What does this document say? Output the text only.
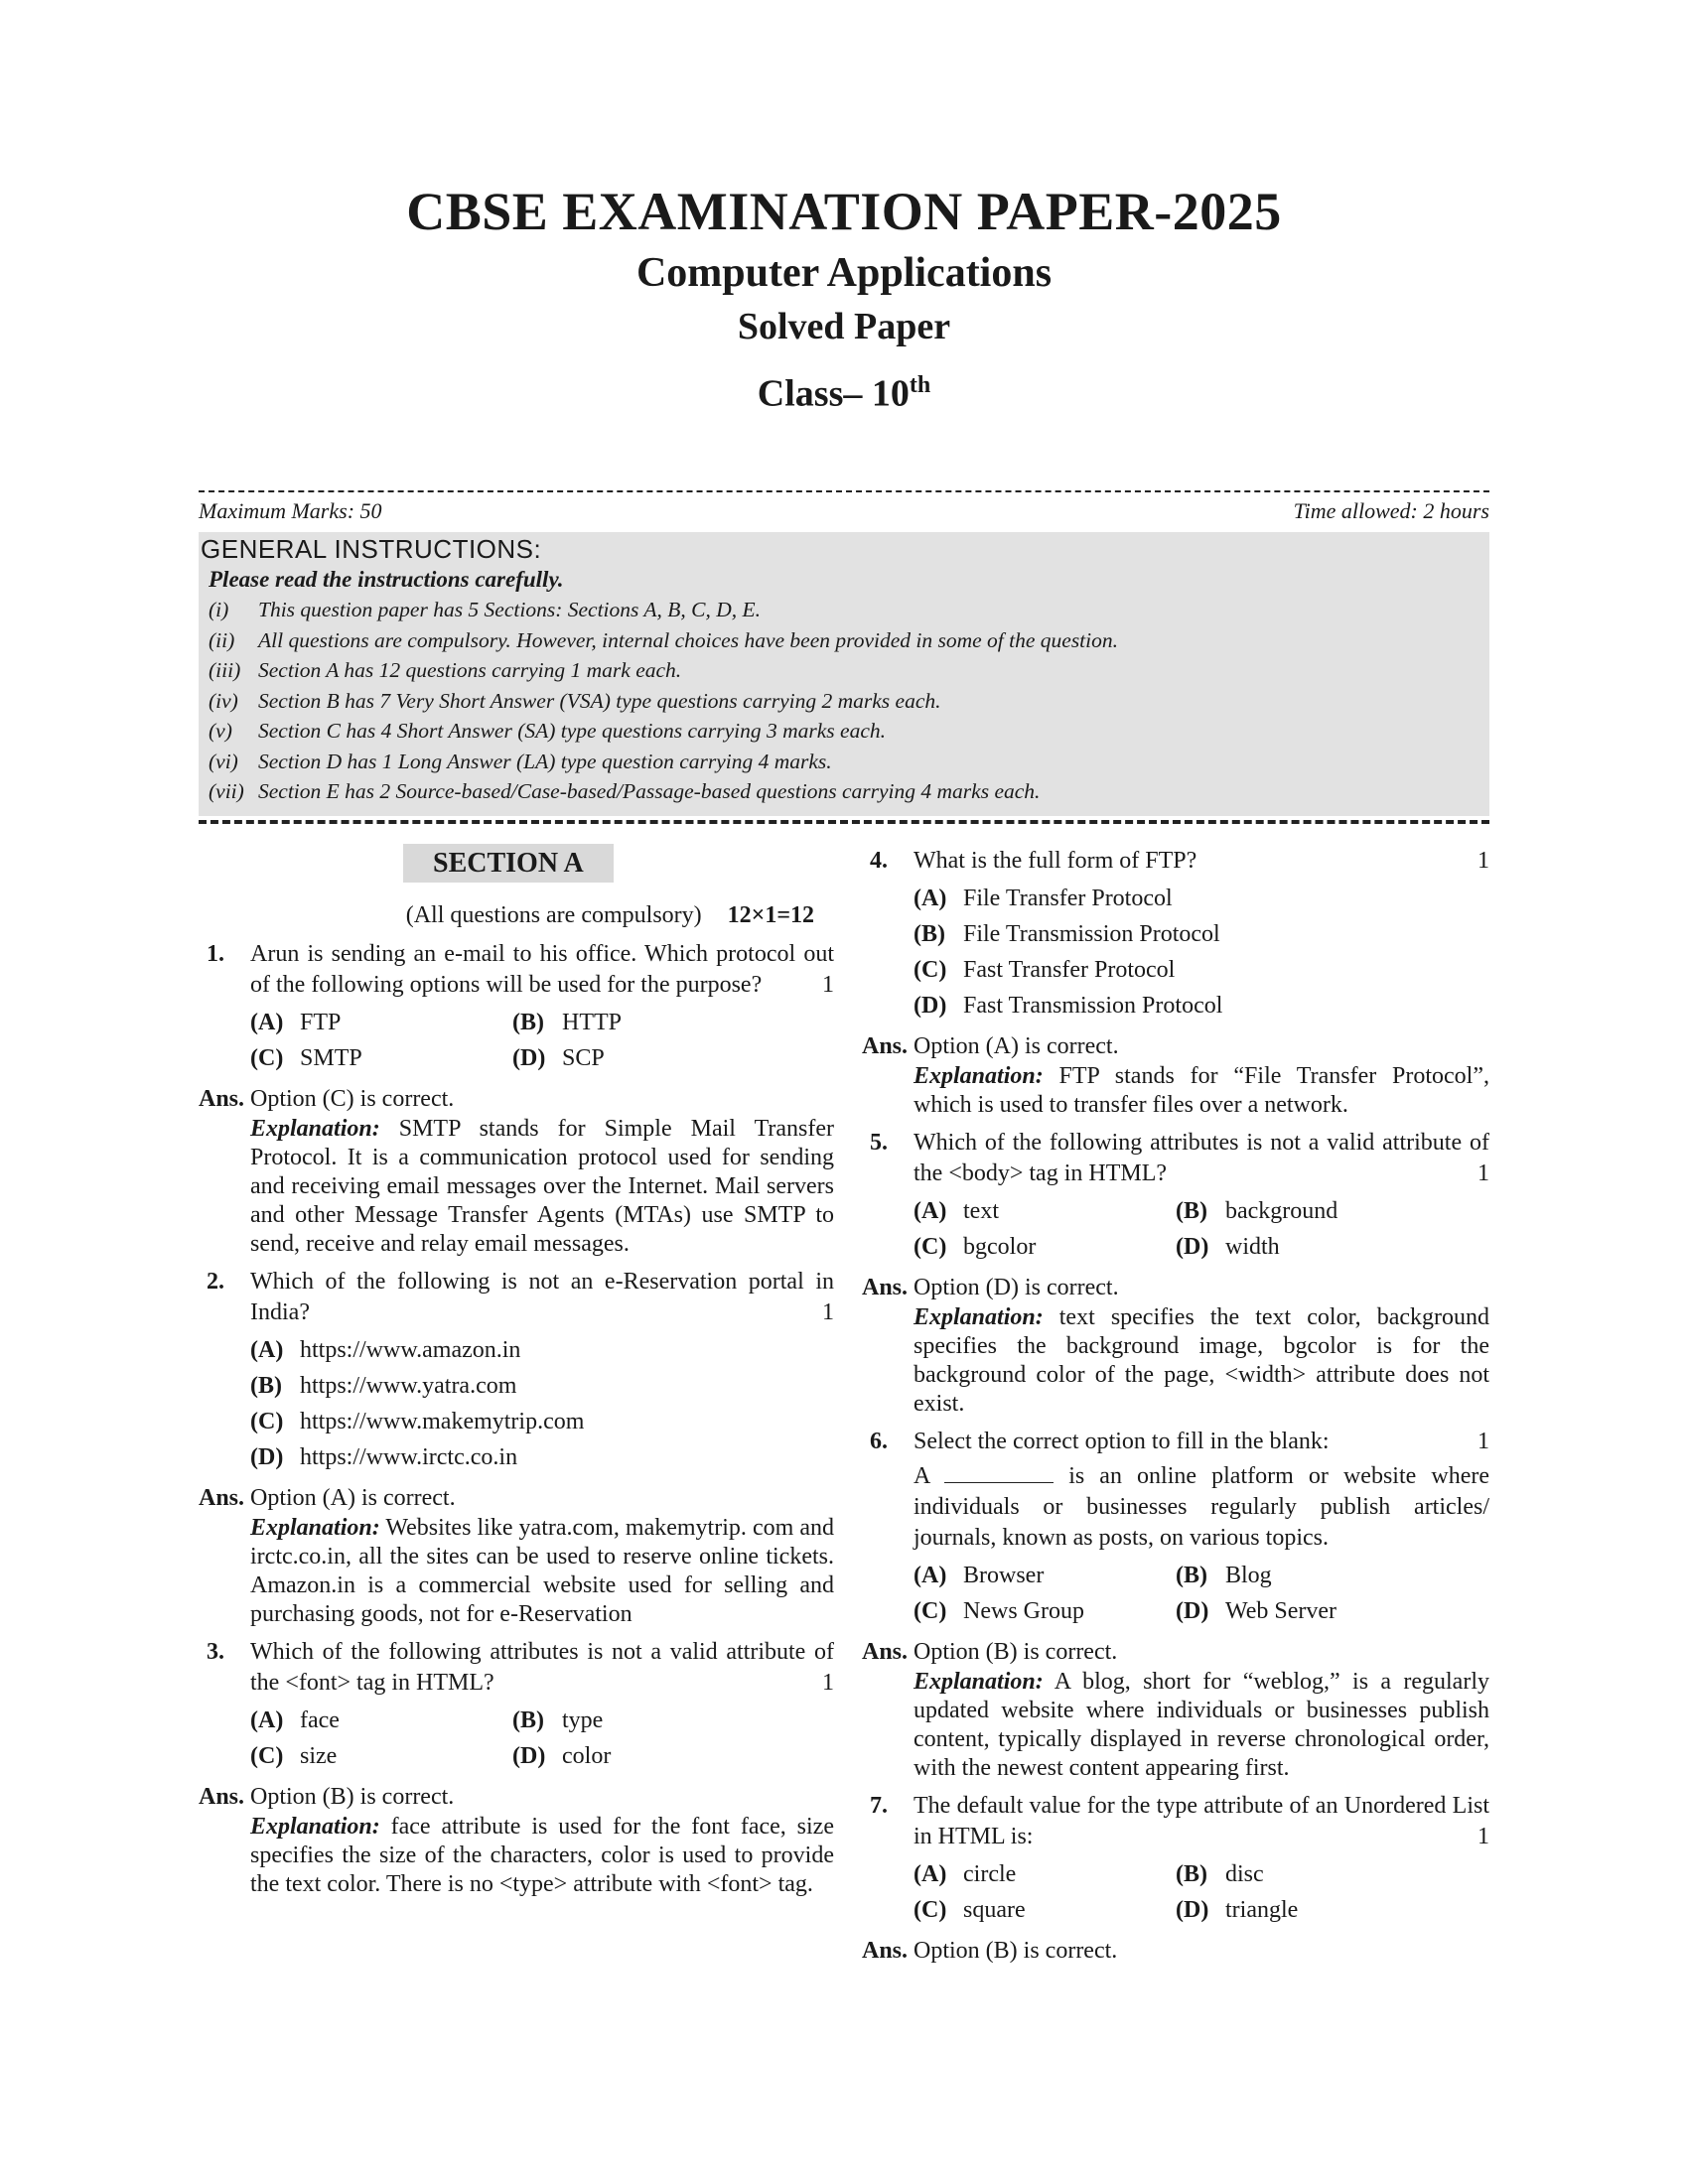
CBSE EXAMINATION PAPER-2025
Computer Applications
Solved Paper
Class– 10th
Maximum Marks: 50	Time allowed: 2 hours
GENERAL INSTRUCTIONS:
Please read the instructions carefully.
(i) This question paper has 5 Sections: Sections A, B, C, D, E.
(ii) All questions are compulsory. However, internal choices have been provided in some of the question.
(iii) Section A has 12 questions carrying 1 mark each.
(iv) Section B has 7 Very Short Answer (VSA) type questions carrying 2 marks each.
(v) Section C has 4 Short Answer (SA) type questions carrying 3 marks each.
(vi) Section D has 1 Long Answer (LA) type question carrying 4 marks.
(vii) Section E has 2 Source-based/Case-based/Passage-based questions carrying 4 marks each.
SECTION A
(All questions are compulsory) 12×1=12
1. Arun is sending an e-mail to his office. Which protocol out of the following options will be used for the purpose?	1
(A) FTP	(B) HTTP
(C) SMTP	(D) SCP
Ans. Option (C) is correct.
Explanation: SMTP stands for Simple Mail Transfer Protocol. It is a communication protocol used for sending and receiving email messages over the Internet. Mail servers and other Message Transfer Agents (MTAs) use SMTP to send, receive and relay email messages.
2. Which of the following is not an e-Reservation portal in India?	1
(A) https://www.amazon.in
(B) https://www.yatra.com
(C) https://www.makemytrip.com
(D) https://www.irctc.co.in
Ans. Option (A) is correct.
Explanation: Websites like yatra.com, makemytrip. com and irctc.co.in, all the sites can be used to reserve online tickets. Amazon.in is a commercial website used for selling and purchasing goods, not for e-Reservation
3. Which of the following attributes is not a valid attribute of the <font> tag in HTML?	1
(A) face	(B) type
(C) size	(D) color
Ans. Option (B) is correct.
Explanation: face attribute is used for the font face, size specifies the size of the characters, color is used to provide the text color. There is no <type> attribute with <font> tag.
4. What is the full form of FTP?	1
(A) File Transfer Protocol
(B) File Transmission Protocol
(C) Fast Transfer Protocol
(D) Fast Transmission Protocol
Ans. Option (A) is correct.
Explanation: FTP stands for “File Transfer Protocol”, which is used to transfer files over a network.
5. Which of the following attributes is not a valid attribute of the <body> tag in HTML?	1
(A) text	(B) background
(C) bgcolor	(D) width
Ans. Option (D) is correct.
Explanation: text specifies the text color, background specifies the background image, bgcolor is for the background color of the page, <width> attribute does not exist.
6. Select the correct option to fill in the blank:	1
A	is an online platform or website where individuals or businesses regularly publish articles/ journals, known as posts, on various topics.
(A) Browser	(B) Blog
(C) News Group	(D) Web Server
Ans. Option (B) is correct.
Explanation: A blog, short for “weblog,” is a regularly updated website where individuals or businesses publish content, typically displayed in reverse chronological order, with the newest content appearing first.
7. The default value for the type attribute of an Unordered List in HTML is:	1
(A) circle	(B) disc
(C) square	(D) triangle
Ans. Option (B) is correct.
